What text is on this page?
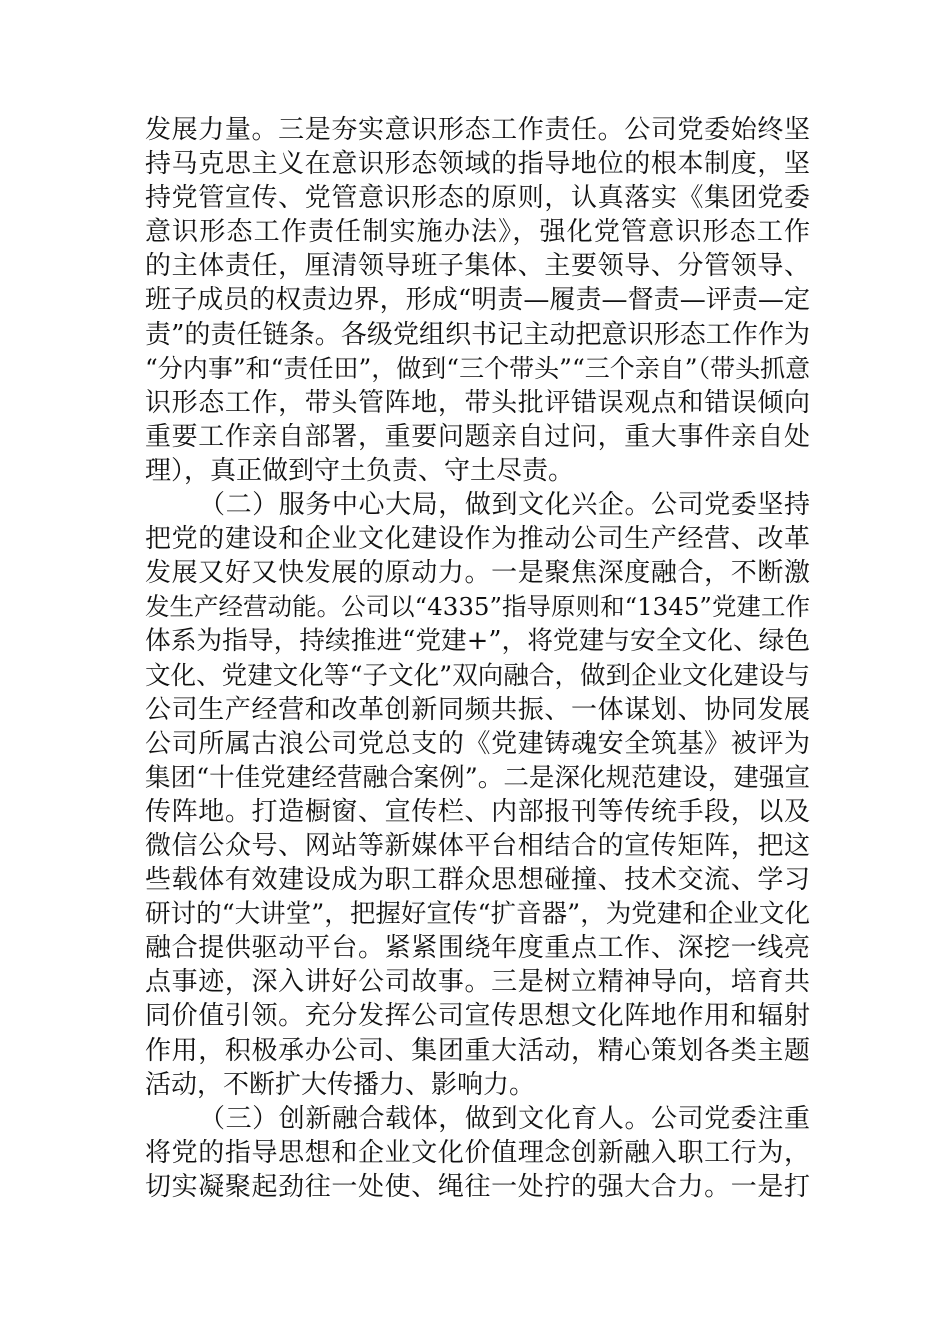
发展力量。三是夯实意识形态工作责任。公司党委始终坚
持马克思主义在意识形态领域的指导地位的根本制度，坚
持党管宣传、党管意识形态的原则，认真落实《集团党委
意识形态工作责任制实施办法》，强化党管意识形态工作
的主体责任，厘清领导班子集体、主要领导、分管领导、
班子成员的权责边界，形成“明责—履责—督责—评责—定
责”的责任链条。各级党组织书记主动把意识形态工作作为
“分内事”和“责任田”，做到“三个带头”“三个亲自”（带头抓意
识形态工作，带头管阵地，带头批评错误观点和错误倾向
重要工作亲自部署，重要问题亲自过问，重大事件亲自处
理），真正做到守土负责、守土尽责。
（二）服务中心大局，做到文化兴企。公司党委坚持
把党的建设和企业文化建设作为推动公司生产经营、改革
发展又好又快发展的原动力。一是聚焦深度融合，不断激
发生产经营动能。公司以“4335”指导原则和“1345”党建工作
体系为指导，持续推进“党建+”，将党建与安全文化、绿色
文化、党建文化等“子文化”双向融合，做到企业文化建设与
公司生产经营和改革创新同频共振、一体谋划、协同发展
公司所属古浪公司党总支的《党建铸魂安全筑基》被评为
集团“十佳党建经营融合案例”。二是深化规范建设，建强宣
传阵地。打造橱窗、宣传栏、内部报刊等传统手段，以及
微信公众号、网站等新媒体平台相结合的宣传矩阵，把这
些载体有效建设成为职工群众思想碰撞、技术交流、学习
研讨的“大讲堂”，把握好宣传“扩音器”，为党建和企业文化
融合提供驱动平台。紧紧围绕年度重点工作、深挖一线亮
点事迹，深入讲好公司故事。三是树立精神导向，培育共
同价值引领。充分发挥公司宣传思想文化阵地作用和辐射
作用，积极承办公司、集团重大活动，精心策划各类主题
活动，不断扩大传播力、影响力。
（三）创新融合载体，做到文化育人。公司党委注重
将党的指导思想和企业文化价值理念创新融入职工行为，
切实凝聚起劲往一处使、绳往一处拧的强大合力。一是打
